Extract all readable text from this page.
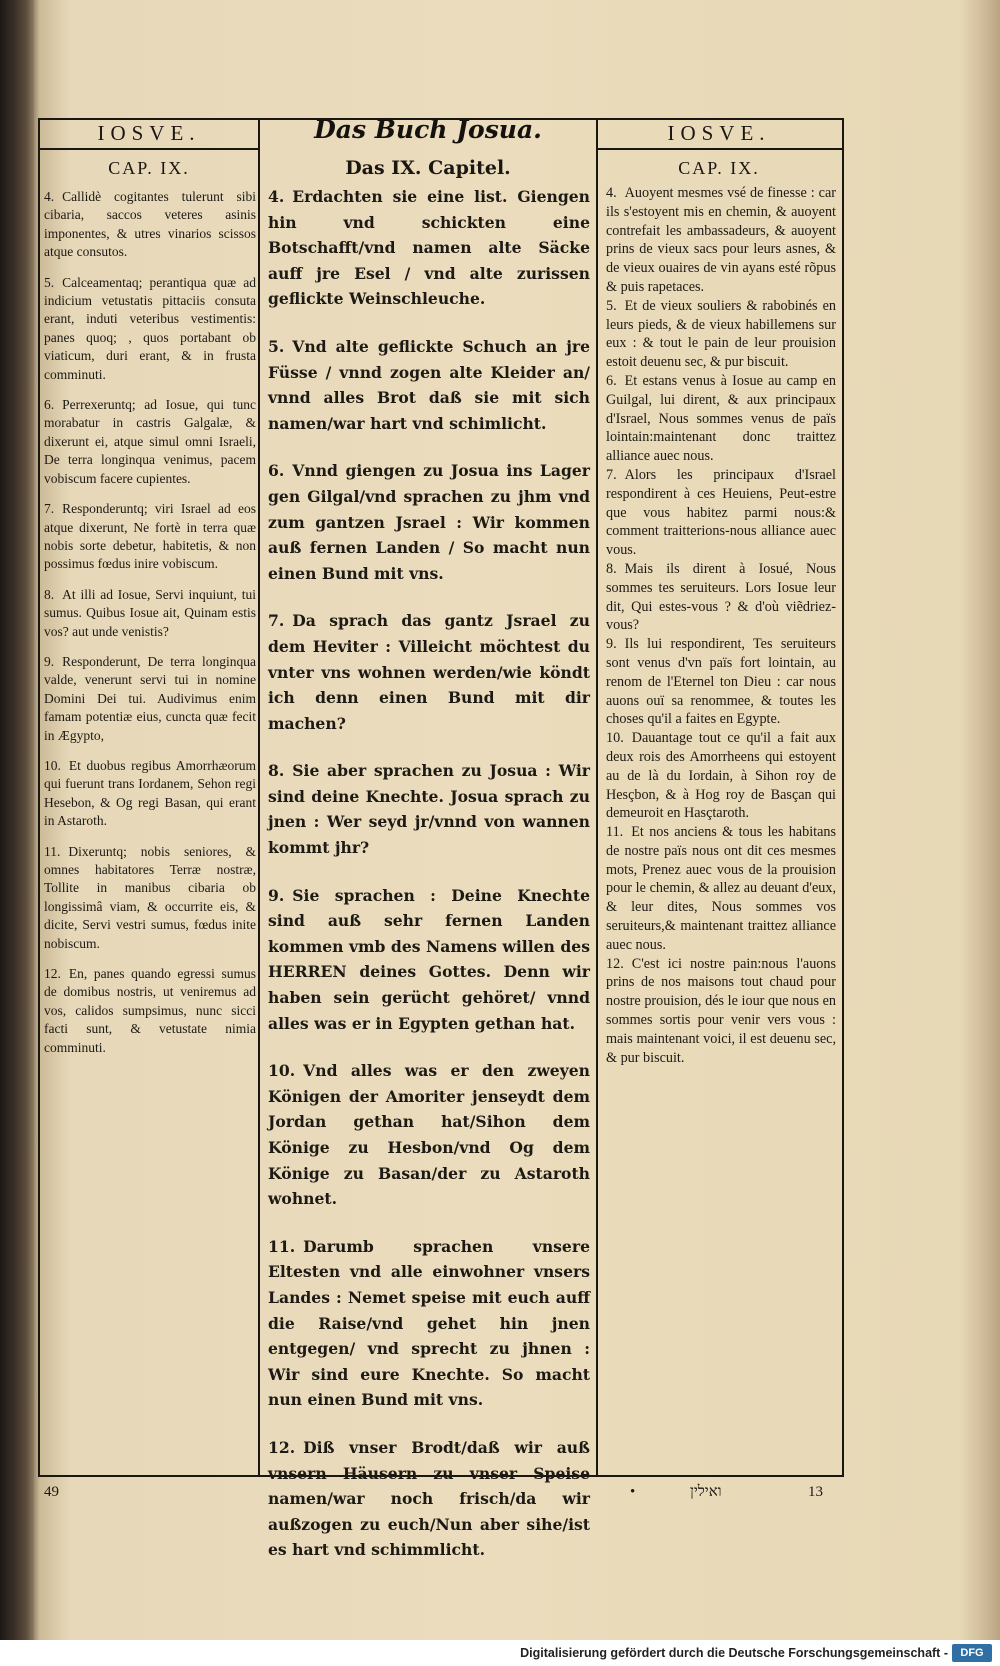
IOSVE.	Das Buch Josua.	IOSVE.
CAP. IX.	Das IX. Capitel.	CAP. IX.

4. Callidè cogitantes tulerunt sibi cibaria, saccos veteres asinis imponentes, & utres vinarios scissos atque consutos.

5. Calceamentaq; perantiqua quæ ad indicium vetustatis pittaciis consuta erant, induti veteribus vestimentis: panes quoq; , quos portabant ob viaticum, duri erant, & in frusta comminuti.

6. Perrexeruntq; ad Iosue, qui tunc morabatur in castris Galgalæ, & dixerunt ei, atque simul omni Israeli, De terra longinqua venimus, pacem vobiscum facere cupientes.

7. Responderuntq; viri Israel ad eos atque dixerunt, Ne fortè in terra quæ nobis sorte debetur, habitetis, & non possimus fœdus inire vobiscum.

8. At illi ad Iosue, Servi inquiunt, tui sumus. Quibus Iosue ait, Quinam estis vos? aut unde venistis?

9. Responderunt, De terra longinqua valde, venerunt servi tui in nomine Domini Dei tui. Audivimus enim famam potentiæ eius, cuncta quæ fecit in Ægypto,

10. Et duobus regibus Amorrhæorum qui fuerunt trans Iordanem, Sehon regi Hesebon, & Og regi Basan, qui erant in Astaroth.

11. Dixeruntq; nobis seniores, & omnes habitatores Terræ nostræ, Tollite in manibus cibaria ob longissimâ viam, & occurrite eis, & dicite, Servi vestri sumus, fœdus inite nobiscum.

12. En, panes quando egressi sumus de domibus nostris, ut veniremus ad vos, calidos sumpsimus, nunc sicci facti sunt, & vetustate nimia comminuti.

4. Erdachten sie eine list. Giengen hin vnd schickten eine Botschafft/vnd namen alte Säcke auff jre Esel / vnd alte zurissen geflickte Weinschleuche.

5. Vnd alte geflickte Schuch an jre Füsse / vnnd zogen alte Kleider an/ vnnd alles Brot daß sie mit sich namen/war hart vnd schimlicht.

6. Vnnd giengen zu Josua ins Lager gen Gilgal/vnd sprachen zu jhm vnd zum gantzen Jsrael : Wir kommen auß fernen Landen / So macht nun einen Bund mit vns.

7. Da sprach das gantz Jsrael zu dem Heviter : Villeicht möchtest du vnter vns wohnen werden/wie köndt ich denn einen Bund mit dir machen?

8. Sie aber sprachen zu Josua : Wir sind deine Knechte. Josua sprach zu jnen : Wer seyd jr/vnnd von wannen kommt jhr?

9. Sie sprachen : Deine Knechte sind auß sehr fernen Landen kommen vmb des Namens willen des HERREN deines Gottes. Denn wir haben sein gerücht gehöret/ vnnd alles was er in Egypten gethan hat.

10. Vnd alles was er den zweyen Königen der Amoriter jenseydt dem Jordan gethan hat/Sihon dem Könige zu Hesbon/vnd Og dem Könige zu Basan/der zu Astaroth wohnet.

11. Darumb sprachen vnsere Eltesten vnd alle einwohner vnsers Landes : Nemet speise mit euch auff die Raise/vnd gehet hin jnen entgegen/ vnd sprecht zu jhnen : Wir sind eure Knechte. So macht nun einen Bund mit vns.

12. Diß vnser Brodt/daß wir auß vnsern Häusern zu vnser Speise namen/war noch frisch/da wir außzogen zu euch/Nun aber sihe/ist es hart vnd schimmlicht.

4. Auoyent mesmes vsé de finesse : car ils s'estoyent mis en chemin, & auoyent contrefait les ambassadeurs, & auoyent prins de vieux sacs pour leurs asnes, & de vieux ouaires de vin ayans esté rõpus & puis rapetaces.

5. Et de vieux souliers & rabobinés en leurs pieds, & de vieux habillemens sur eux : & tout le pain de leur prouision estoit deuenu sec, & pur biscuit.

6. Et estans venus à Iosue au camp en Guilgal, lui dirent, & aux principaux d'Israel, Nous sommes venus de païs lointain:maintenant donc traittez alliance auec nous.

7. Alors les principaux d'Israel respondirent à ces Heuiens, Peut-estre que vous habitez parmi nous:& comment traitterions-nous alliance auec vous.

8. Mais ils dirent à Iosué, Nous sommes tes seruiteurs. Lors Iosue leur dit, Qui estes-vous ? & d'où viẽdriez-vous?

9. Ils lui respondirent, Tes seruiteurs sont venus d'vn païs fort lointain, au renom de l'Eternel ton Dieu : car nous auons ouï sa renommee, & toutes les choses qu'il a faites en Egypte.

10. Dauantage tout ce qu'il a fait aux deux rois des Amorrheens qui estoyent au de là du Iordain, à Sihon roy de Hesçbon, & à Hog roy de Basçan qui demeuroit en Hasçtaroth.

11. Et nos anciens & tous les habitans de nostre païs nous ont dit ces mesmes mots, Prenez auec vous de la prouision pour le chemin, & allez au deuant d'eux, & leur dites, Nous sommes vos seruiteurs,& maintenant traittez alliance auec nous.

12. C'est ici nostre pain:nous l'auons prins de nos maisons tout chaud pour nostre prouision, dés le iour que nous en sommes sortis pour venir vers vous : mais maintenant voici, il est deuenu sec, & pur biscuit.

49	•	ואילין	13
Digitalisierung gefördert durch die Deutsche Forschungsgemeinschaft -	DFG
